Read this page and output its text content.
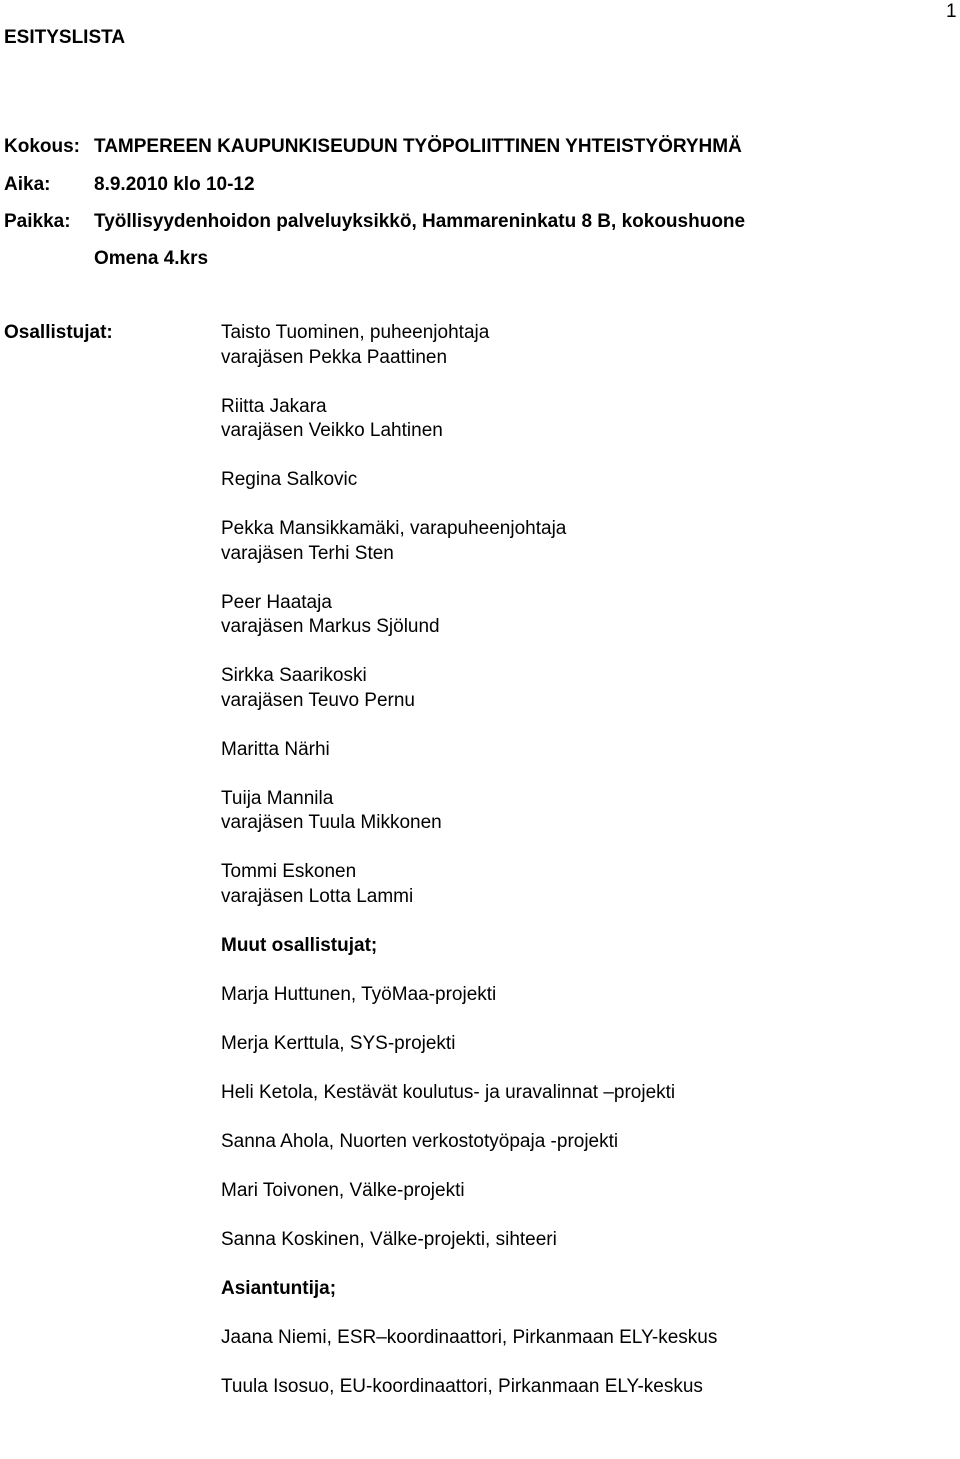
1
ESITYSLISTA
Kokous: TAMPEREEN KAUPUNKISEUDUN TYÖPOLIITTINEN YHTEISTYÖRYHMÄ
Aika: 8.9.2010 klo 10-12
Paikka: Työllisyydenhoidon palveluyksikkö, Hammareninkatu 8 B, kokoushuone
Omena 4.krs
Osallistujat:	Taisto Tuominen, puheenjohtaja
varajäsen Pekka Paattinen
Riitta Jakara
varajäsen Veikko Lahtinen
Regina Salkovic
Pekka Mansikkamäki, varapuheenjohtaja
varajäsen Terhi Sten
Peer Haataja
varajäsen Markus Sjölund
Sirkka Saarikoski
varajäsen Teuvo Pernu
Maritta Närhi
Tuija Mannila
varajäsen Tuula Mikkonen
Tommi Eskonen
varajäsen Lotta Lammi
Muut osallistujat;
Marja Huttunen, TyöMaa-projekti
Merja Kerttula, SYS-projekti
Heli Ketola, Kestävät koulutus- ja uravalinnat –projekti
Sanna Ahola, Nuorten verkostotyöpaja -projekti
Mari Toivonen, Välke-projekti
Sanna Koskinen, Välke-projekti, sihteeri
Asiantuntija;
Jaana Niemi, ESR–koordinaattori, Pirkanmaan ELY-keskus
Tuula Isosuo, EU-koordinaattori, Pirkanmaan ELY-keskus
